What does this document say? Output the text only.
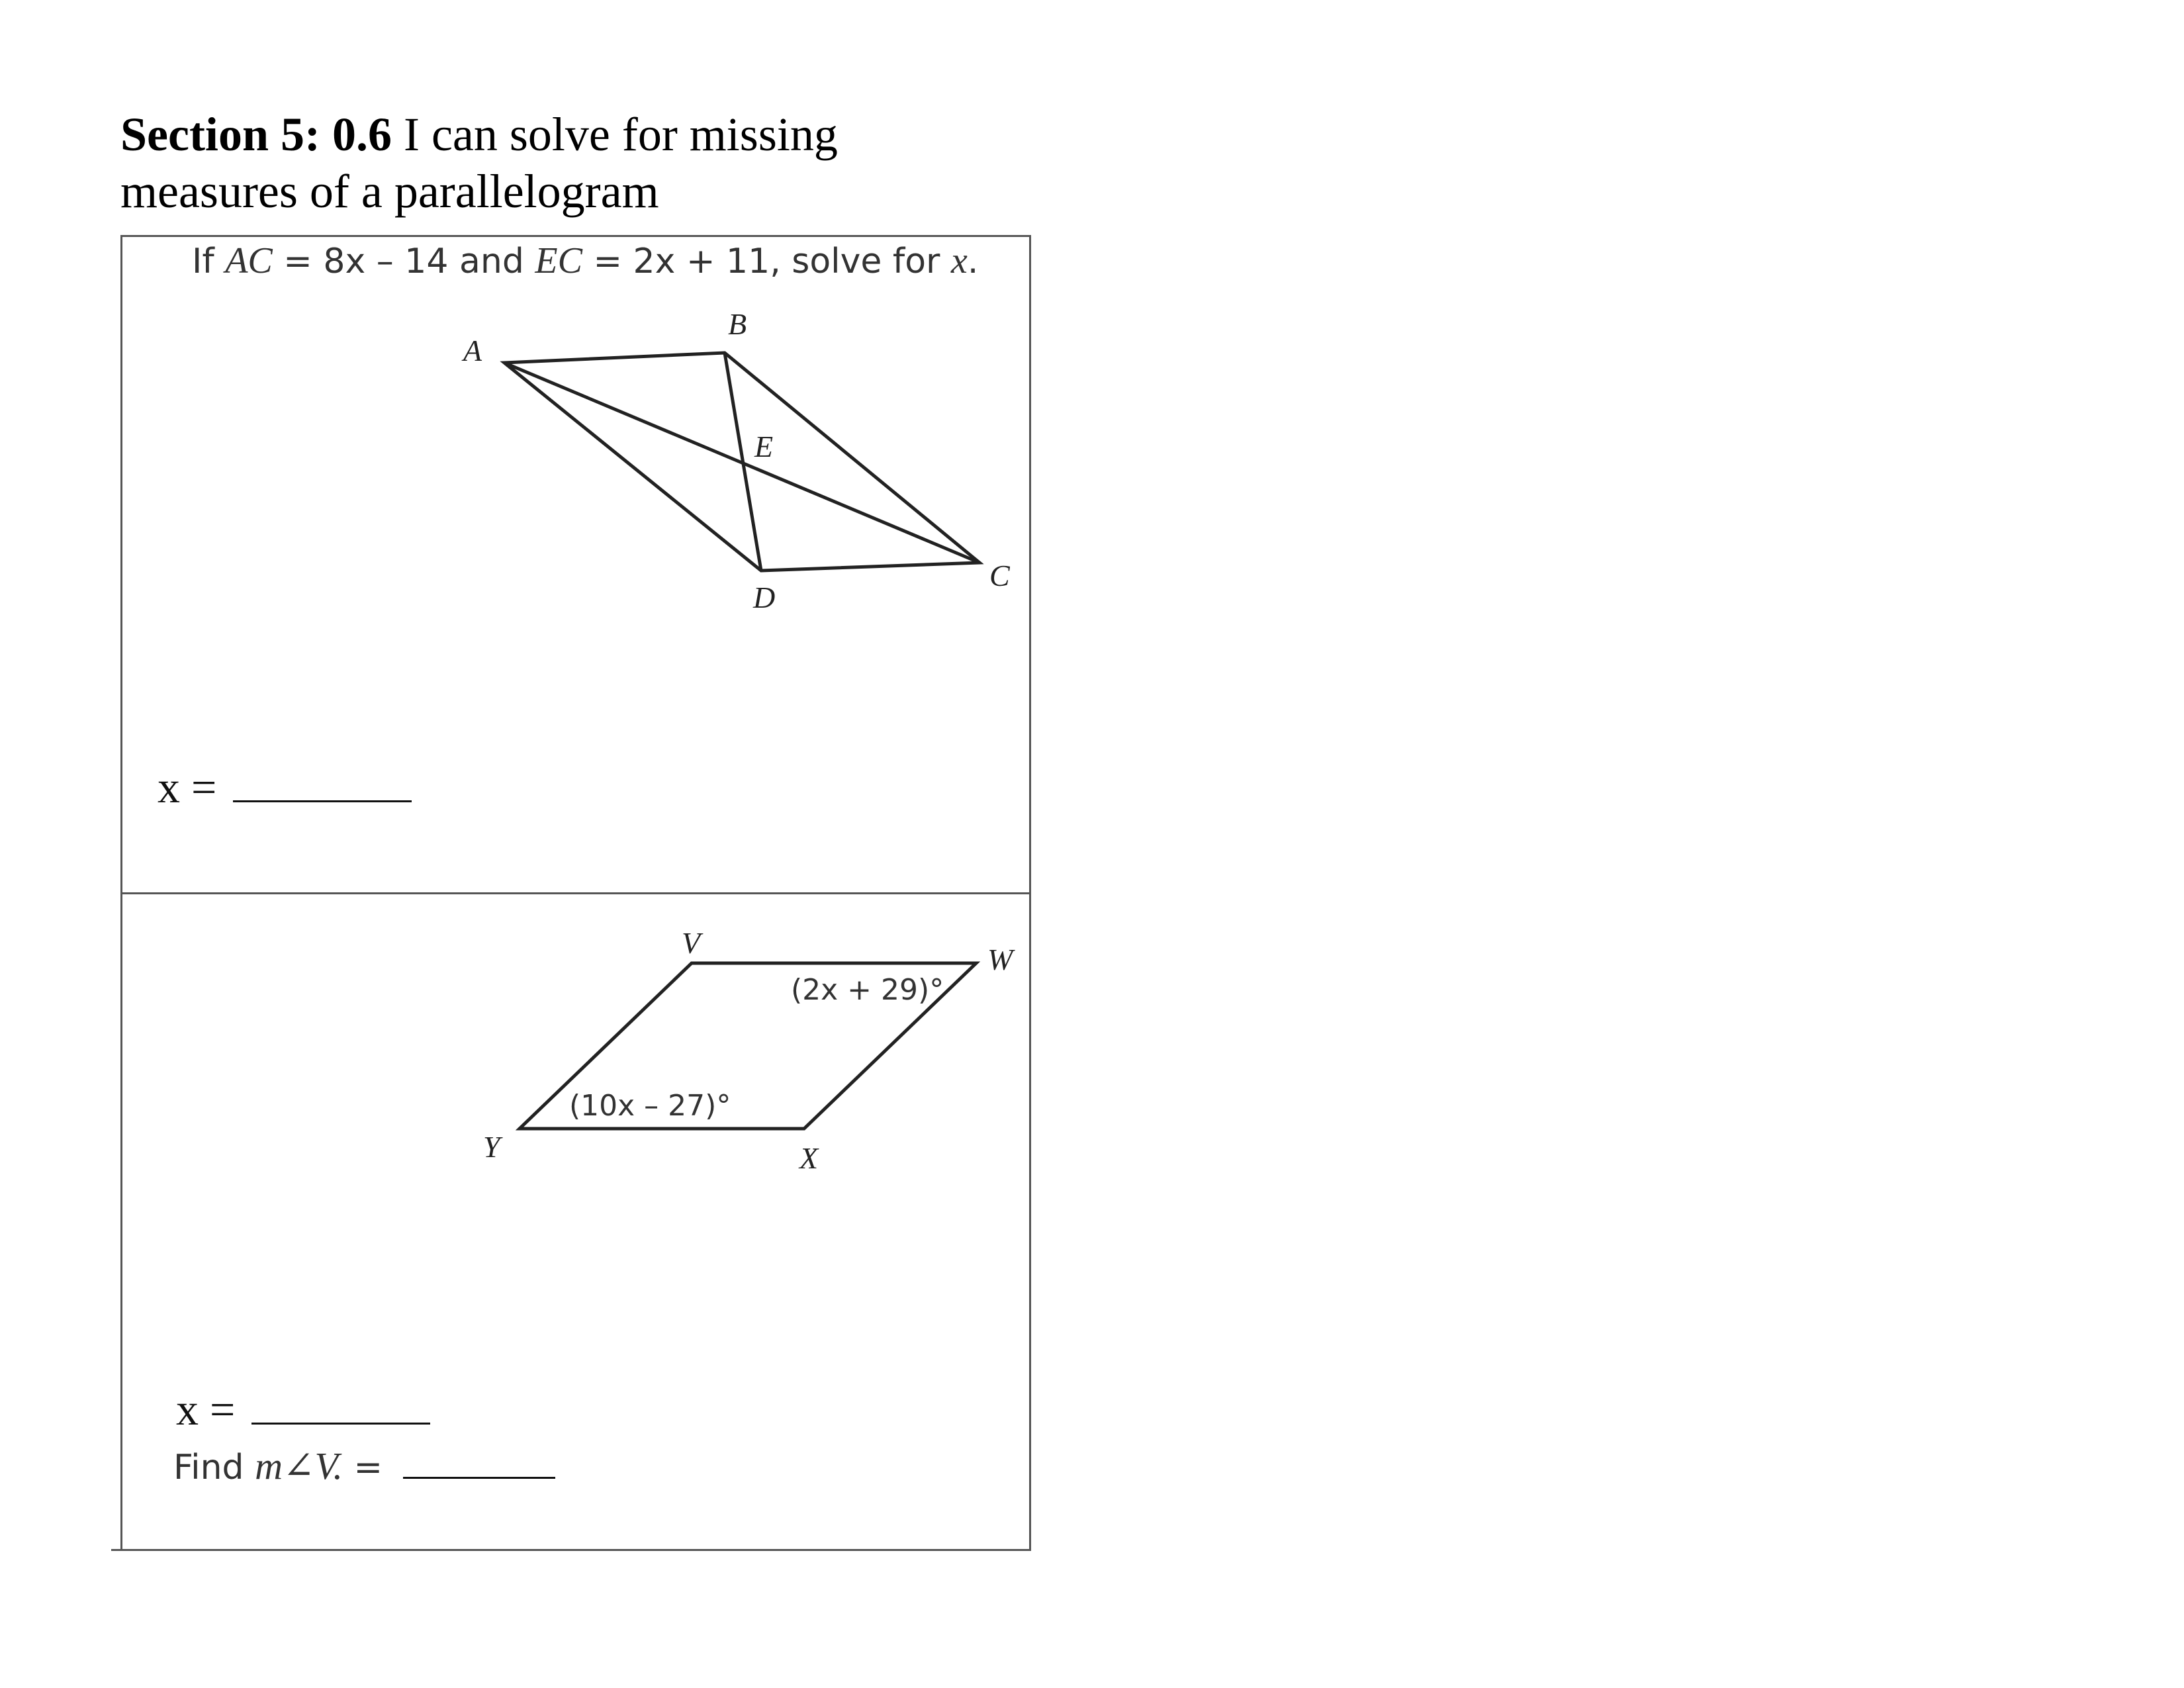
Section 5: 0.6 I can solve for missing measures of a parallelogram
If AC = 8x – 14 and EC = 2x + 11, solve for x.
A
B
E
C
D
V	W
X
Y
(2x + 29)°
(10x – 27)°
x =
x =
Find m∠V. =
